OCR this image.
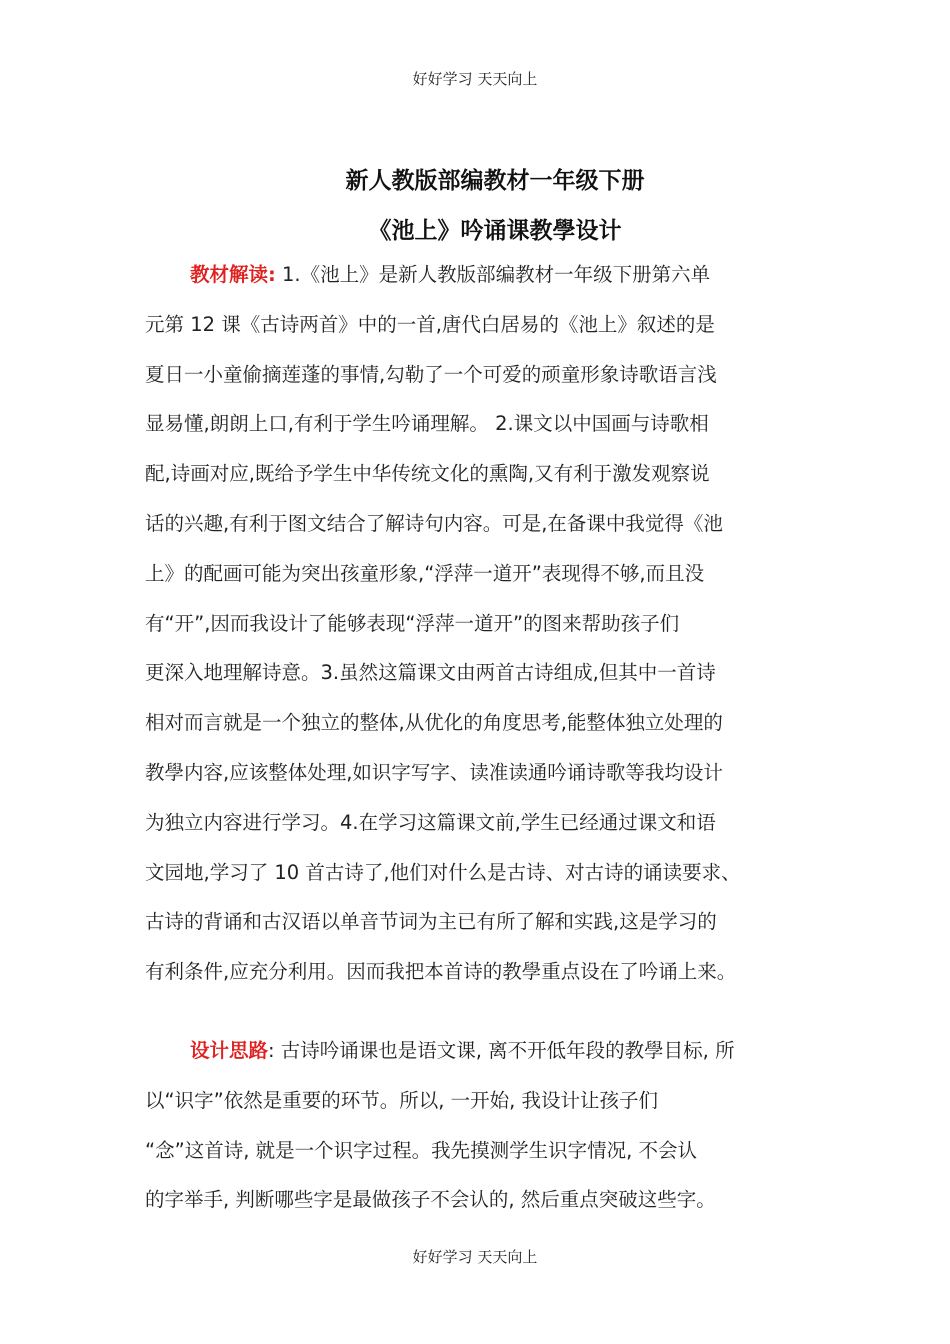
好好学习 天天向上
新人教版部编教材一年级下册
《池上》吟诵课教學设计
教材解读: 1.《池上》是新人教版部编教材一年级下册第六单
元第 12 课《古诗两首》中的一首,唐代白居易的《池上》叙述的是
夏日一小童偷摘莲蓬的事情,勾勒了一个可爱的顽童形象诗歌语言浅
显易懂,朗朗上口,有利于学生吟诵理解。 2.课文以中国画与诗歌相
配,诗画对应,既给予学生中华传统文化的熏陶,又有利于激发观察说
话的兴趣,有利于图文结合了解诗句内容。可是,在备课中我觉得《池
上》的配画可能为突出孩童形象,“浮萍一道开”表现得不够,而且没
有“开”,因而我设计了能够表现“浮萍一道开”的图来帮助孩子们
更深入地理解诗意。3.虽然这篇课文由两首古诗组成,但其中一首诗
相对而言就是一个独立的整体,从优化的角度思考,能整体独立处理的
教學内容,应该整体处理,如识字写字、读准读通吟诵诗歌等我均设计
为独立内容进行学习。4.在学习这篇课文前,学生已经通过课文和语
文园地,学习了 10 首古诗了,他们对什么是古诗、对古诗的诵读要求、
古诗的背诵和古汉语以单音节词为主已有所了解和实践,这是学习的
有利条件,应充分利用。因而我把本首诗的教學重点设在了吟诵上来。
设计思路: 古诗吟诵课也是语文课, 离不开低年段的教學目标, 所
以“识字”依然是重要的环节。所以, 一开始, 我设计让孩子们
“念”这首诗, 就是一个识字过程。我先摸测学生识字情况, 不会认
的字举手, 判断哪些字是最做孩子不会认的, 然后重点突破这些字。
好好学习 天天向上
